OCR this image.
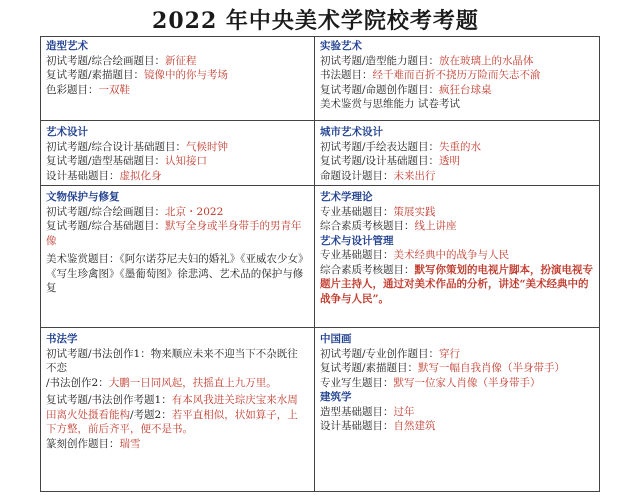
2022 年中央美术学院校考考题
造型艺术
初试考题/综合绘画题目：新征程
复试考题/素描题目：镜像中的你与考场
色彩题目：一双鞋
实验艺术
初试考题/造型能力题目：放在玻璃上的水晶体
书法题目：经千难而百折不挠历万险而矢志不渝
复试考题/命题创作题目：疯狂台球桌
美术鉴赏与思维能力 试卷考试
艺术设计
初试考题/综合设计基础题目：气候时钟
复试考题/造型基础题目：认知接口
设计基础题目：虚拟化身
城市艺术设计
初试考题/手绘表达题目：失重的水
复试考题/设计基础题目：透明
命题设计题目：未来出行
文物保护与修复
初试考题/综合绘画题目：北京・2022
复试考题/综合基础题目：默写全身或半身带手的男青年像
美术鉴赏题目：《阿尔诺芬尼夫妇的婚礼》《亚威农少女》《写生珍禽图》《墨葡萄图》徐悲鸿、艺术品的保护与修复
艺术学理论
专业基础题目：策展实践
综合素质考核题目：线上讲座
艺术与设计管理
专业基础题目：美术经典中的战争与人民
综合素质考核题目：默写你策划的电视片脚本，扮演电视专题片主持人，通过对美术作品的分析，讲述“美术经典中的战争与人民”。
书法学
初试考题/书法创作1：物来顺应未来不迎当下不杂既往不恋
/书法创作2：大鹏一日同风起，扶摇直上九万里。
复试考题/书法创作考题1：有本风我进关琮庆宝来水周田离火处摄看能构/考题2：若平直相似，状如算子，上下方整，前后齐平，便不是书。
篆刻创作题目：瑞雪
中国画
初试考题/专业创作题目：穿行
复试考题/素描题目：默写一幅自我肖像（半身带手）
专业写生题目：默写一位家人肖像（半身带手）
建筑学
造型基础题目：过年
设计基础题目：自然建筑
